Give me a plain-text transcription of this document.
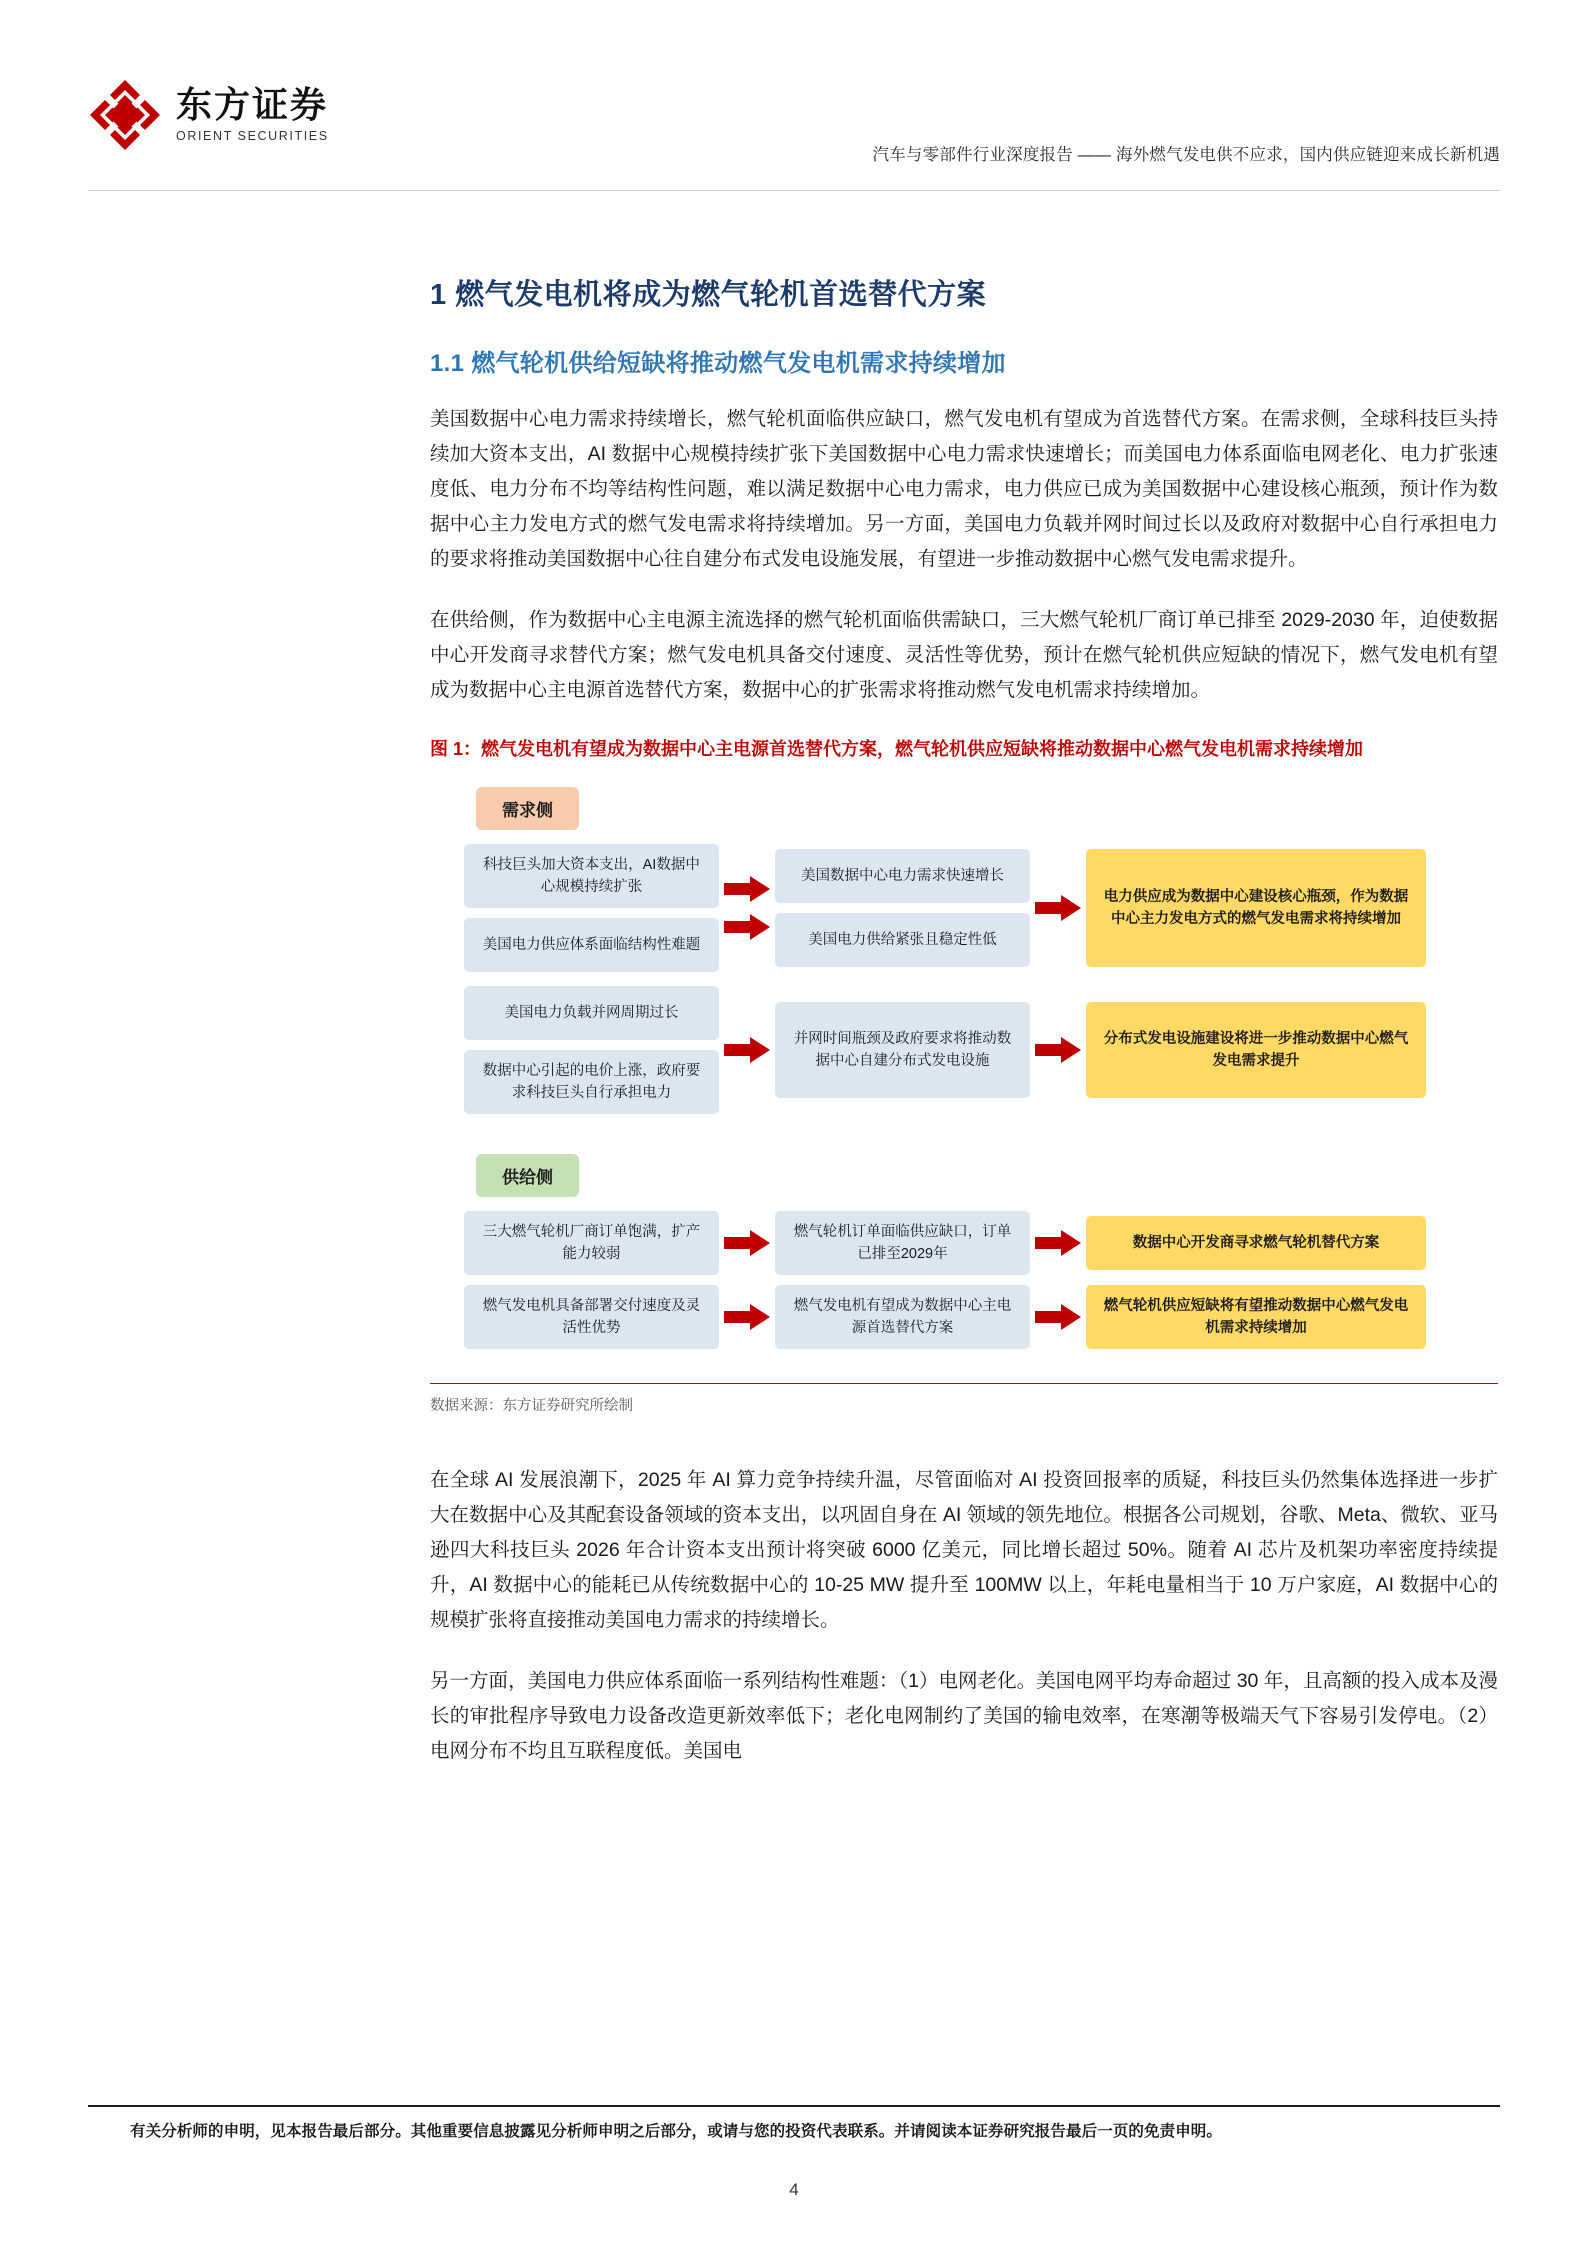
东方证券
ORIENT SECURITIES
汽车与零部件行业深度报告 —— 海外燃气发电供不应求，国内供应链迎来成长新机遇
1 燃气发电机将成为燃气轮机首选替代方案
1.1 燃气轮机供给短缺将推动燃气发电机需求持续增加

美国数据中心电力需求持续增长，燃气轮机面临供应缺口，燃气发电机有望成为首选替代方案。在需求侧，全球科技巨头持续加大资本支出，AI 数据中心规模持续扩张下美国数据中心电力需求快速增长；而美国电力体系面临电网老化、电力扩张速度低、电力分布不均等结构性问题，难以满足数据中心电力需求，电力供应已成为美国数据中心建设核心瓶颈，预计作为数据中心主力发电方式的燃气发电需求将持续增加。另一方面，美国电力负载并网时间过长以及政府对数据中心自行承担电力的要求将推动美国数据中心往自建分布式发电设施发展，有望进一步推动数据中心燃气发电需求提升。

在供给侧，作为数据中心主电源主流选择的燃气轮机面临供需缺口，三大燃气轮机厂商订单已排至 2029-2030 年，迫使数据中心开发商寻求替代方案；燃气发电机具备交付速度、灵活性等优势，预计在燃气轮机供应短缺的情况下，燃气发电机有望成为数据中心主电源首选替代方案，数据中心的扩张需求将推动燃气发电机需求持续增加。

图 1：燃气发电机有望成为数据中心主电源首选替代方案，燃气轮机供应短缺将推动数据中心燃气发电机需求持续增加
需求侧
科技巨头加大资本支出，AI数据中心规模持续扩张
美国电力供应体系面临结构性难题
美国数据中心电力需求快速增长
美国电力供给紧张且稳定性低
电力供应成为数据中心建设核心瓶颈，作为数据中心主力发电方式的燃气发电需求将持续增加
美国电力负载并网周期过长
数据中心引起的电价上涨，政府要求科技巨头自行承担电力
并网时间瓶颈及政府要求将推动数据中心自建分布式发电设施
分布式发电设施建设将进一步推动数据中心燃气发电需求提升
供给侧
三大燃气轮机厂商订单饱满，扩产能力较弱
燃气轮机订单面临供应缺口，订单已排至2029年
数据中心开发商寻求燃气轮机替代方案
燃气发电机具备部署交付速度及灵活性优势
燃气发电机有望成为数据中心主电源首选替代方案
燃气轮机供应短缺将有望推动数据中心燃气发电机需求持续增加
数据来源：东方证券研究所绘制

在全球 AI 发展浪潮下，2025 年 AI 算力竞争持续升温，尽管面临对 AI 投资回报率的质疑，科技巨头仍然集体选择进一步扩大在数据中心及其配套设备领域的资本支出，以巩固自身在 AI 领域的领先地位。根据各公司规划，谷歌、Meta、微软、亚马逊四大科技巨头 2026 年合计资本支出预计将突破 6000 亿美元，同比增长超过 50%。随着 AI 芯片及机架功率密度持续提升，AI 数据中心的能耗已从传统数据中心的 10-25 MW 提升至 100MW 以上，年耗电量相当于 10 万户家庭，AI 数据中心的规模扩张将直接推动美国电力需求的持续增长。

另一方面，美国电力供应体系面临一系列结构性难题：（1）电网老化。美国电网平均寿命超过 30 年，且高额的投入成本及漫长的审批程序导致电力设备改造更新效率低下；老化电网制约了美国的输电效率，在寒潮等极端天气下容易引发停电。（2）电网分布不均且互联程度低。美国电

有关分析师的申明，见本报告最后部分。其他重要信息披露见分析师申明之后部分，或请与您的投资代表联系。并请阅读本证券研究报告最后一页的免责申明。
4
